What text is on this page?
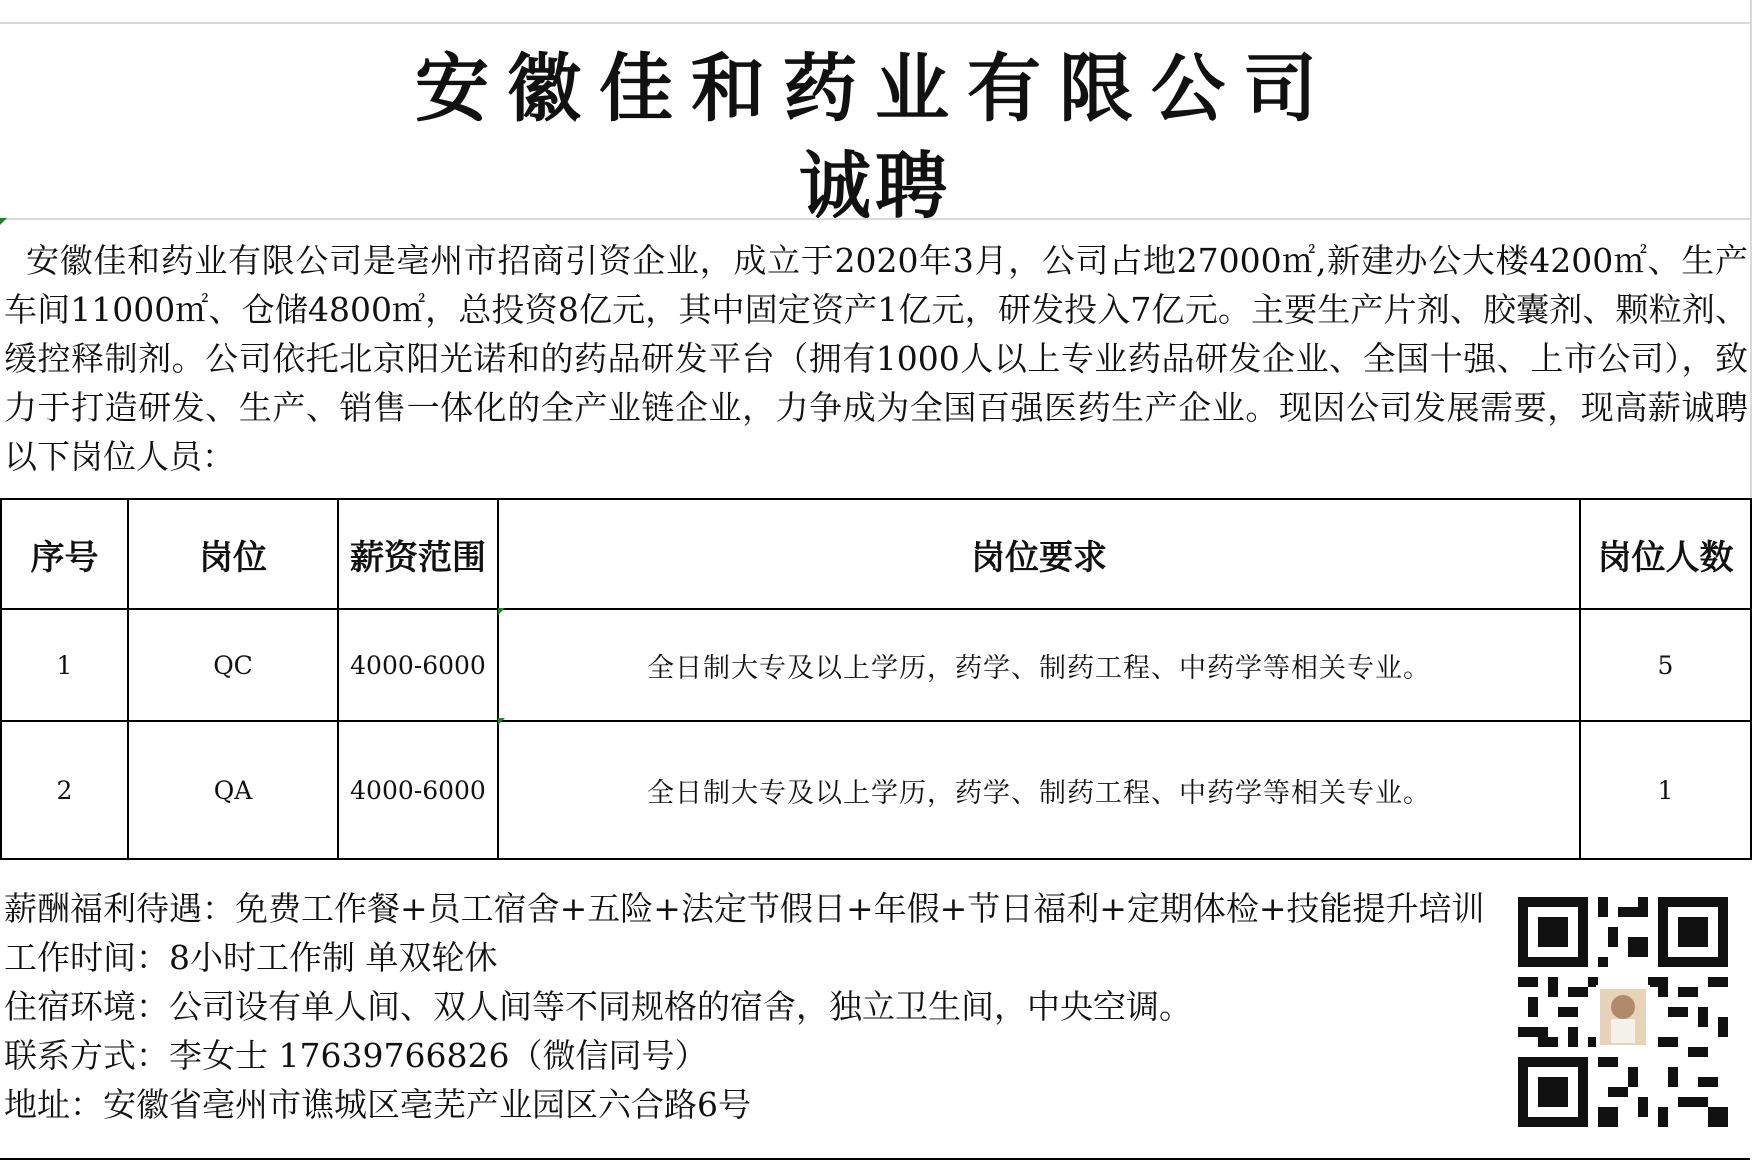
安徽佳和药业有限公司
诚聘
安徽佳和药业有限公司是亳州市招商引资企业，成立于2020年3月，公司占地27000㎡,新建办公大楼4200㎡、生产车间11000㎡、仓储4800㎡，总投资8亿元，其中固定资产1亿元，研发投入7亿元。主要生产片剂、胶囊剂、颗粒剂、缓控释制剂。公司依托北京阳光诺和的药品研发平台（拥有1000人以上专业药品研发企业、全国十强、上市公司），致力于打造研发、生产、销售一体化的全产业链企业，力争成为全国百强医药生产企业。现因公司发展需要，现高薪诚聘以下岗位人员：
序号	岗位	薪资范围	岗位要求	岗位人数
1	QC	4000-6000	全日制大专及以上学历，药学、制药工程、中药学等相关专业。	5
2	QA	4000-6000	全日制大专及以上学历，药学、制药工程、中药学等相关专业。	1
薪酬福利待遇：免费工作餐+员工宿舍+五险+法定节假日+年假+节日福利+定期体检+技能提升培训
工作时间：8小时工作制 单双轮休
住宿环境：公司设有单人间、双人间等不同规格的宿舍，独立卫生间，中央空调。
联系方式：李女士 17639766826（微信同号）
地址：安徽省亳州市谯城区亳芜产业园区六合路6号
